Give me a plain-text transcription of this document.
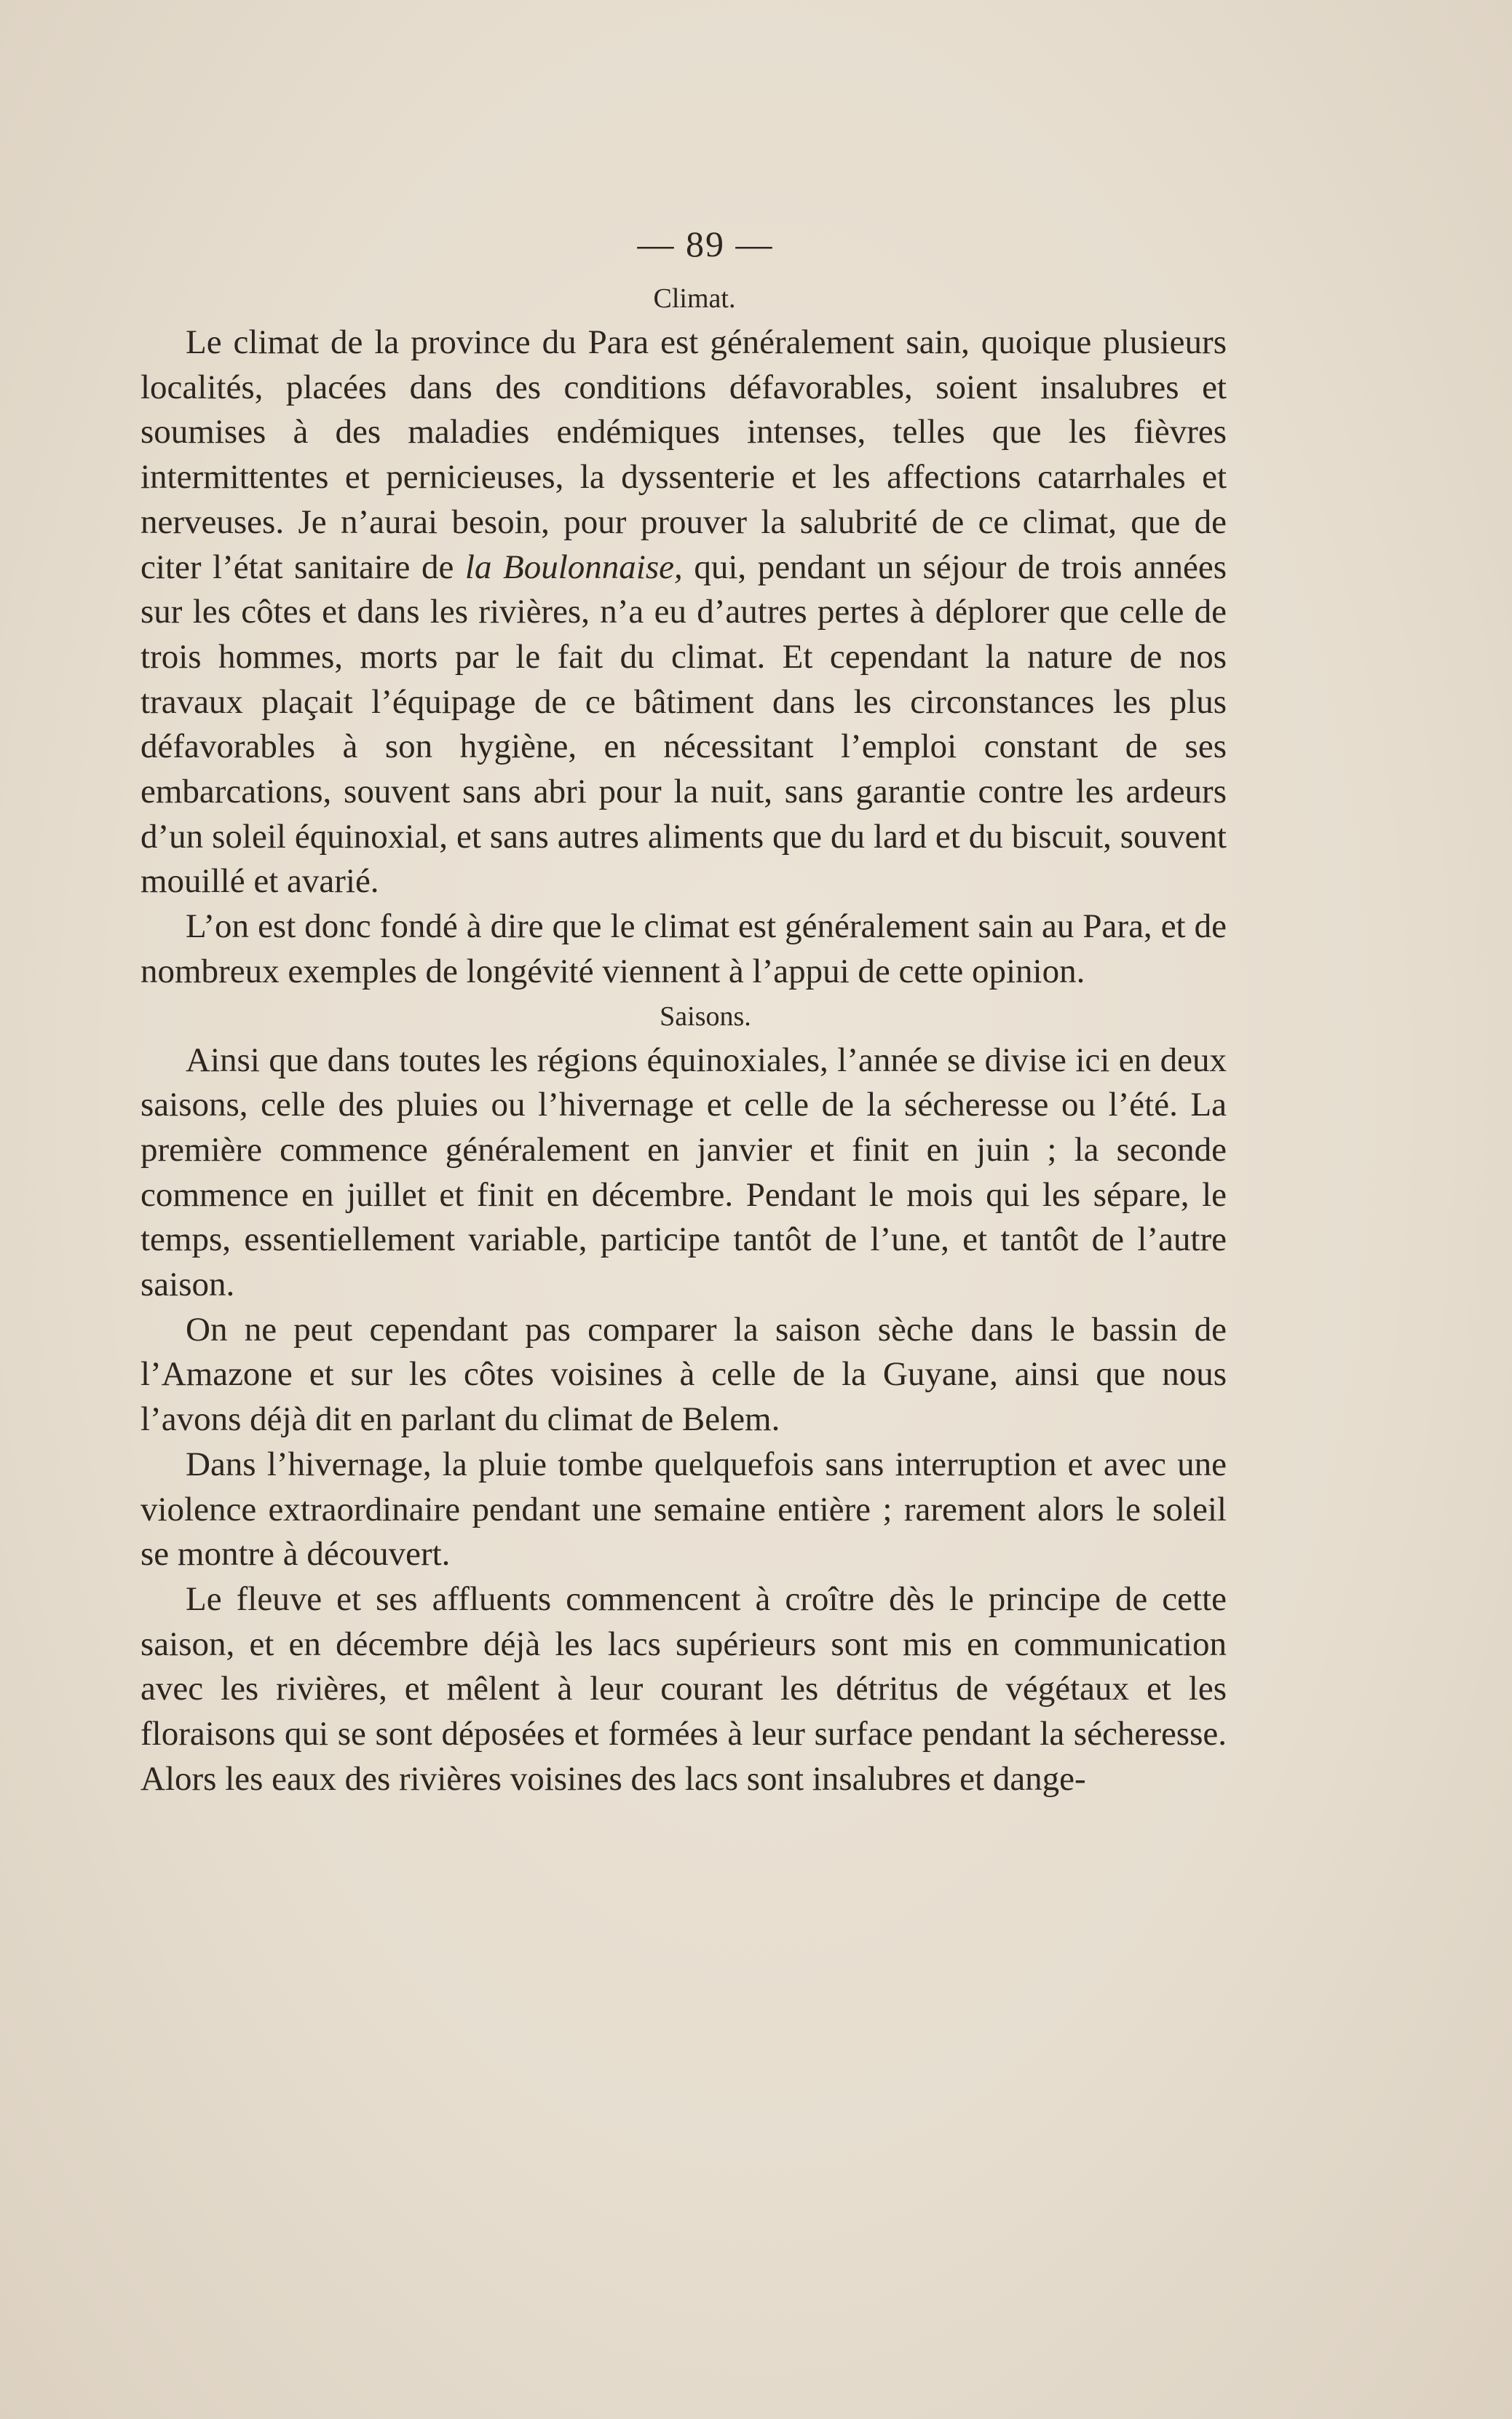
— 89 —
Climat.

Le climat de la province du Para est généralement sain, quoique plusieurs localités, placées dans des conditions défavorables, soient insalubres et soumises à des maladies endémiques intenses, telles que les fièvres intermittentes et pernicieuses, la dyssenterie et les affections catarrhales et nerveuses. Je n’aurai besoin, pour prouver la salubrité de ce climat, que de citer l’état sanitaire de la Boulonnaise, qui, pendant un séjour de trois années sur les côtes et dans les rivières, n’a eu d’autres pertes à déplorer que celle de trois hommes, morts par le fait du climat. Et cependant la nature de nos travaux plaçait l’équipage de ce bâtiment dans les circonstances les plus défavorables à son hygiène, en nécessitant l’emploi constant de ses embarcations, souvent sans abri pour la nuit, sans garantie contre les ardeurs d’un soleil équinoxial, et sans autres aliments que du lard et du biscuit, souvent mouillé et avarié.

L’on est donc fondé à dire que le climat est généralement sain au Para, et de nombreux exemples de longévité viennent à l’appui de cette opinion.

Saisons.

Ainsi que dans toutes les régions équinoxiales, l’année se divise ici en deux saisons, celle des pluies ou l’hivernage et celle de la sécheresse ou l’été. La première commence généralement en janvier et finit en juin ; la seconde commence en juillet et finit en décembre. Pendant le mois qui les sépare, le temps, essentiellement variable, participe tantôt de l’une, et tantôt de l’autre saison.

On ne peut cependant pas comparer la saison sèche dans le bassin de l’Amazone et sur les côtes voisines à celle de la Guyane, ainsi que nous l’avons déjà dit en parlant du climat de Belem.

Dans l’hivernage, la pluie tombe quelquefois sans interruption et avec une violence extraordinaire pendant une semaine entière ; rarement alors le soleil se montre à découvert.

Le fleuve et ses affluents commencent à croître dès le principe de cette saison, et en décembre déjà les lacs supérieurs sont mis en communication avec les rivières, et mêlent à leur courant les détritus de végétaux et les floraisons qui se sont déposées et formées à leur surface pendant la sécheresse. Alors les eaux des rivières voisines des lacs sont insalubres et dange-
